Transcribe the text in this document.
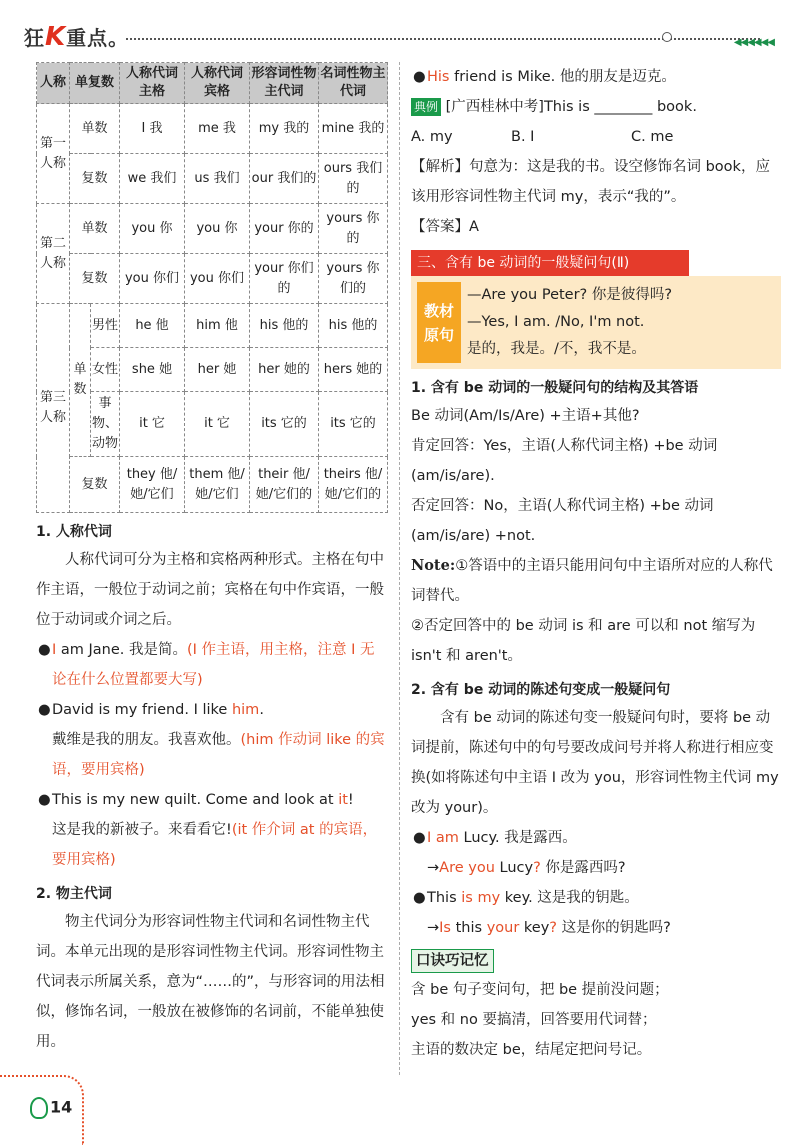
狂K重点。	◀◀◀◀◀◀
人称	单复数		人称代词主格	人称代词宾格	形容词性物主代词	名词性物主代词
第一人称	单数		I 我	me 我	my 我的	mine 我的
	复数		we 我们	us 我们	our 我们的	ours 我们的
第二人称	单数		you 你	you 你	your 你的	yours 你的
	复数		you 你们	you 你们	your 你们的	yours 你们的
第三人称	单数	男性	he 他	him 他	his 他的	his 他的
		女性	she 她	her 她	her 她的	hers 她的
		事物、动物	it 它	it 它	its 它的	its 它的
	复数		they 他/她/它们	them 他/她/它们	their 他/她/它们的	theirs 他/她/它们的
1. 人称代词

人称代词可分为主格和宾格两种形式。主格在句中作主语，一般位于动词之前；宾格在句中作宾语，一般位于动词或介词之后。

● I am Jane. 我是简。(I 作主语，用主格，注意 I 无论在什么位置都要大写)
● David is my friend. I like him.
戴维是我的朋友。我喜欢他。(him 作动词 like 的宾语，要用宾格)
● This is my new quilt. Come and look at it!
这是我的新被子。来看看它!(it 作介词 at 的宾语，要用宾格)
2. 物主代词

物主代词分为形容词性物主代词和名词性物主代词。本单元出现的是形容词性物主代词。形容词性物主代词表示所属关系，意为“……的”，与形容词的用法相似，修饰名词，一般放在被修饰的名词前，不能单独使用。

● His friend is Mike. 他的朋友是迈克。
典例 [广西桂林中考]This is ________ book.
A. my	B. I	C. me

【解析】句意为：这是我的书。设空修饰名词 book，应该用形容词性物主代词 my，表示“我的”。

【答案】A

三、含有 be 动词的一般疑问句(Ⅱ)
教材
原句
—Are you Peter? 你是彼得吗?
—Yes, I am. /No, I'm not.
是的，我是。/不，我不是。
1. 含有 be 动词的一般疑问句的结构及其答语

Be 动词(Am/Is/Are) +主语+其他?

肯定回答：Yes，主语(人称代词主格) +be 动词(am/is/are).

否定回答：No，主语(人称代词主格) +be 动词(am/is/are) +not.

Note:①答语中的主语只能用问句中主语所对应的人称代词替代。

②否定回答中的 be 动词 is 和 are 可以和 not 缩写为 isn't 和 aren't。

2. 含有 be 动词的陈述句变成一般疑问句

含有 be 动词的陈述句变一般疑问句时，要将 be 动词提前，陈述句中的句号要改成问号并将人称进行相应变换(如将陈述句中主语 I 改为 you，形容词性物主代词 my 改为 your)。

● I am Lucy. 我是露西。
→Are you Lucy? 你是露西吗?
● This is my key. 这是我的钥匙。
→Is this your key? 这是你的钥匙吗?
口诀巧记忆

含 be 句子变问句，把 be 提前没问题；

yes 和 no 要搞清，回答要用代词替；

主语的数决定 be，结尾定把问号记。

14
